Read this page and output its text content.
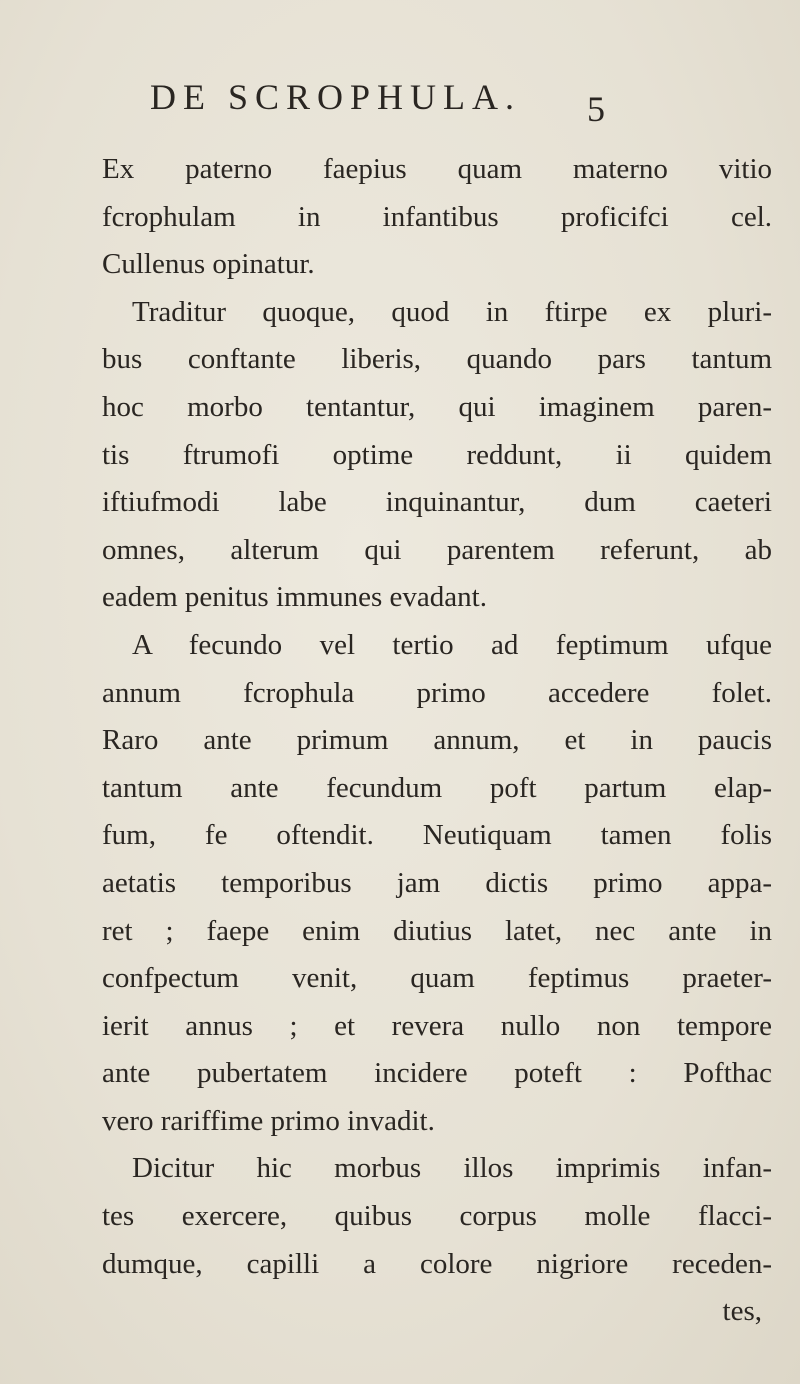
DE SCROPHULA. 5
Ex paterno faepius quam materno vitio
fcrophulam in infantibus proficifci cel.
Cullenus opinatur.
Traditur quoque, quod in ftirpe ex pluri-
bus conftante liberis, quando pars tantum
hoc morbo tentantur, qui imaginem paren-
tis ftrumofi optime reddunt, ii quidem
iftiufmodi labe inquinantur, dum caeteri
omnes, alterum qui parentem referunt, ab
eadem penitus immunes evadant.
A fecundo vel tertio ad feptimum ufque
annum fcrophula primo accedere folet.
Raro ante primum annum, et in paucis
tantum ante fecundum poft partum elap-
fum, fe oftendit. Neutiquam tamen folis
aetatis temporibus jam dictis primo appa-
ret ; faepe enim diutius latet, nec ante in
confpectum venit, quam feptimus praeter-
ierit annus ; et revera nullo non tempore
ante pubertatem incidere poteft : Pofthac
vero rariffime primo invadit.
Dicitur hic morbus illos imprimis infan-
tes exercere, quibus corpus molle flacci-
dumque, capilli a colore nigriore receden-
tes,
